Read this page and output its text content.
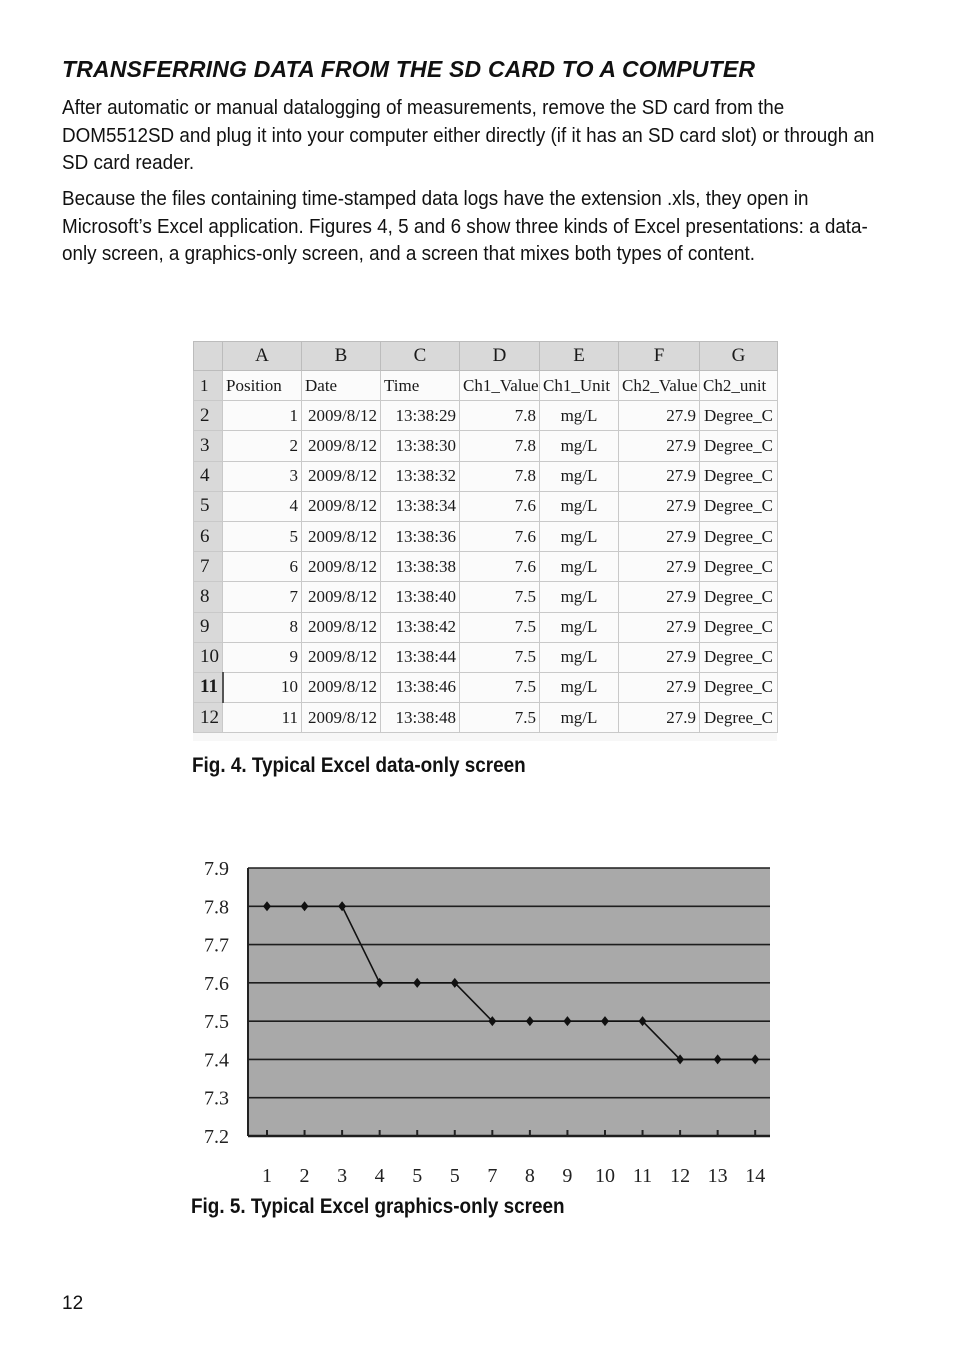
TRANSFERRING DATA FROM THE SD CARD TO A COMPUTER
After automatic or manual datalogging of measurements, remove the SD card from the DOM5512SD and plug it into your computer either directly (if it has an SD card slot) or through an SD card reader.
Because the files containing time-stamped data logs have the extension .xls, they open in Microsoft’s Excel application. Figures 4, 5 and 6 show three kinds of Excel presentations: a data-only screen, a graphics-only screen, and a screen that mixes both types of content.
	A	B	C	D	E	F	G
1	Position	Date	Time	Ch1_Value	Ch1_Unit	Ch2_Value	Ch2_unit
2	1	2009/8/12	13:38:29	7.8	mg/L	27.9	Degree_C
3	2	2009/8/12	13:38:30	7.8	mg/L	27.9	Degree_C
4	3	2009/8/12	13:38:32	7.8	mg/L	27.9	Degree_C
5	4	2009/8/12	13:38:34	7.6	mg/L	27.9	Degree_C
6	5	2009/8/12	13:38:36	7.6	mg/L	27.9	Degree_C
7	6	2009/8/12	13:38:38	7.6	mg/L	27.9	Degree_C
8	7	2009/8/12	13:38:40	7.5	mg/L	27.9	Degree_C
9	8	2009/8/12	13:38:42	7.5	mg/L	27.9	Degree_C
10	9	2009/8/12	13:38:44	7.5	mg/L	27.9	Degree_C
11	10	2009/8/12	13:38:46	7.5	mg/L	27.9	Degree_C
12	11	2009/8/12	13:38:48	7.5	mg/L	27.9	Degree_C
Fig. 4. Typical Excel data-only screen
7.9
7.8
7.7
7.6
7.5
7.4
7.3
7.2
1 2 3 4 5 5 7 8 9 10 11 12 13 14
Fig. 5. Typical Excel graphics-only screen
12
